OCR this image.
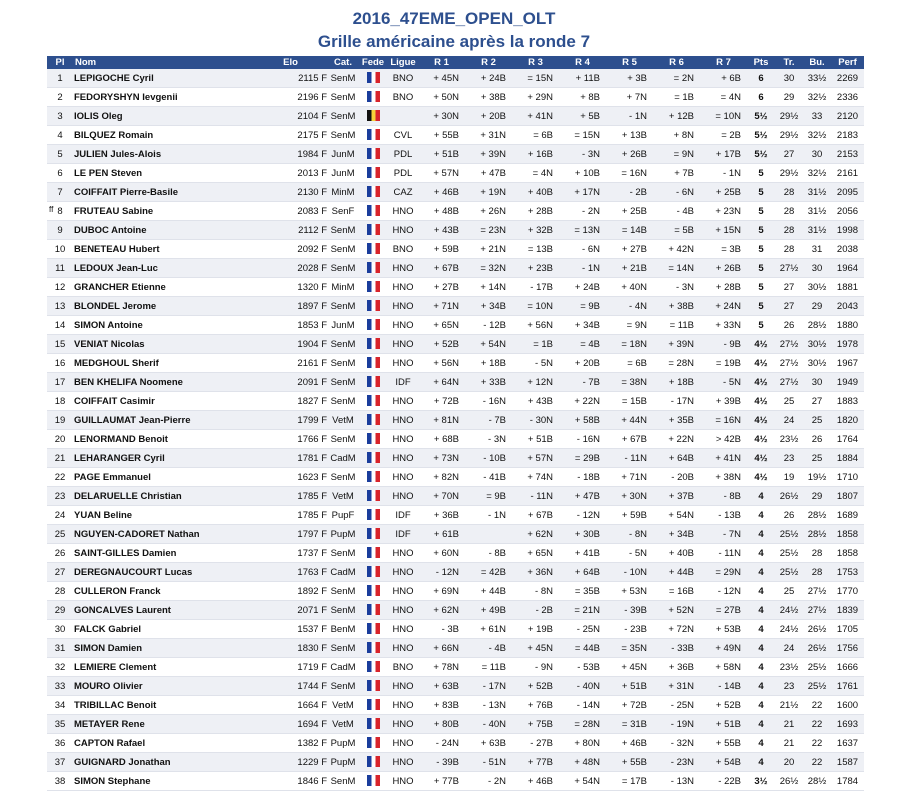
2016_47EME_OPEN_OLT
Grille américaine après la ronde 7
Pl	Nom	Elo	Cat.	Fede	Ligue	R 1	R 2	R 3	R 4	R 5	R 6	R 7	Pts	Tr.	Bu.	Perf

1	LEPIGOCHE Cyril	2115 F	SenM		BNO	+ 45N	+ 24B	= 15N	+ 11B	+ 3B	= 2N	+ 6B	6	30	33½	2269

2	FEDORYSHYN Ievgenii	2196 F	SenM		BNO	+ 50N	+ 38B	+ 29N	+ 8B	+ 7N	= 1B	= 4N	6	29	32½	2336

3	IOLIS Oleg	2104 F	SenM			+ 30N	+ 20B	+ 41N	+ 5B	- 1N	+ 12B	= 10N	5½	29½	33	2120

4	BILQUEZ Romain	2175 F	SenM		CVL	+ 55B	+ 31N	= 6B	= 15N	+ 13B	+ 8N	= 2B	5½	29½	32½	2183

5	JULIEN Jules-Alois	1984 F	JunM		PDL	+ 51B	+ 39N	+ 16B	- 3N	+ 26B	= 9N	+ 17B	5½	27	30	2153

6	LE PEN Steven	2013 F	JunM		PDL	+ 57N	+ 47B	= 4N	+ 10B	= 16N	+ 7B	- 1N	5	29½	32½	2161

7	COIFFAIT Pierre-Basile	2130 F	MinM		CAZ	+ 46B	+ 19N	+ 40B	+ 17N	- 2B	- 6N	+ 25B	5	28	31½	2095

ff 8	FRUTEAU Sabine	2083 F	SenF		HNO	+ 48B	+ 26N	+ 28B	- 2N	+ 25B	- 4B	+ 23N	5	28	31½	2056

9	DUBOC Antoine	2112 F	SenM		HNO	+ 43B	= 23N	+ 32B	= 13N	= 14B	= 5B	+ 15N	5	28	31½	1998

10	BENETEAU Hubert	2092 F	SenM		BNO	+ 59B	+ 21N	= 13B	- 6N	+ 27B	+ 42N	= 3B	5	28	31	2038

11	LEDOUX Jean-Luc	2028 F	SenM		HNO	+ 67B	= 32N	+ 23B	- 1N	+ 21B	= 14N	+ 26B	5	27½	30	1964

12	GRANCHER Etienne	1320 F	MinM		HNO	+ 27B	+ 14N	- 17B	+ 24B	+ 40N	- 3N	+ 28B	5	27	30½	1881

13	BLONDEL Jerome	1897 F	SenM		HNO	+ 71N	+ 34B	= 10N	= 9B	- 4N	+ 38B	+ 24N	5	27	29	2043

14	SIMON Antoine	1853 F	JunM		HNO	+ 65N	- 12B	+ 56N	+ 34B	= 9N	= 11B	+ 33N	5	26	28½	1880

15	VENIAT Nicolas	1904 F	SenM		HNO	+ 52B	+ 54N	= 1B	= 4B	= 18N	+ 39N	- 9B	4½	27½	30½	1978

16	MEDGHOUL Sherif	2161 F	SenM		HNO	+ 56N	+ 18B	- 5N	+ 20B	= 6B	= 28N	= 19B	4½	27½	30½	1967

17	BEN KHELIFA Noomene	2091 F	SenM		IDF	+ 64N	+ 33B	+ 12N	- 7B	= 38N	+ 18B	- 5N	4½	27½	30	1949

18	COIFFAIT Casimir	1827 F	SenM		HNO	+ 72B	- 16N	+ 43B	+ 22N	= 15B	- 17N	+ 39B	4½	25	27	1883

19	GUILLAUMAT Jean-Pierre	1799 F	VetM		HNO	+ 81N	- 7B	- 30N	+ 58B	+ 44N	+ 35B	= 16N	4½	24	25	1820

20	LENORMAND Benoit	1766 F	SenM		HNO	+ 68B	- 3N	+ 51B	- 16N	+ 67B	+ 22N	> 42B	4½	23½	26	1764

21	LEHARANGER Cyril	1781 F	CadM		HNO	+ 73N	- 10B	+ 57N	= 29B	- 11N	+ 64B	+ 41N	4½	23	25	1884

22	PAGE Emmanuel	1623 F	SenM		HNO	+ 82N	- 41B	+ 74N	- 18B	+ 71N	- 20B	+ 38N	4½	19	19½	1710

23	DELARUELLE Christian	1785 F	VetM		HNO	+ 70N	= 9B	- 11N	+ 47B	+ 30N	+ 37B	- 8B	4	26½	29	1807

24	YUAN Beline	1785 F	PupF		IDF	+ 36B	- 1N	+ 67B	- 12N	+ 59B	+ 54N	- 13B	4	26	28½	1689

25	NGUYEN-CADORET Nathan	1797 F	PupM		IDF	+ 61B		+ 62N	+ 30B	- 8N	+ 34B	- 7N	4	25½	28½	1858

26	SAINT-GILLES Damien	1737 F	SenM		HNO	+ 60N	- 8B	+ 65N	+ 41B	- 5N	+ 40B	- 11N	4	25½	28	1858

27	DEREGNAUCOURT Lucas	1763 F	CadM		HNO	- 12N	= 42B	+ 36N	+ 64B	- 10N	+ 44B	= 29N	4	25½	28	1753

28	CULLERON Franck	1892 F	SenM		HNO	+ 69N	+ 44B	- 8N	= 35B	+ 53N	= 16B	- 12N	4	25	27½	1770

29	GONCALVES Laurent	2071 F	SenM		HNO	+ 62N	+ 49B	- 2B	= 21N	- 39B	+ 52N	= 27B	4	24½	27½	1839

30	FALCK Gabriel	1537 F	BenM		HNO	- 3B	+ 61N	+ 19B	- 25N	- 23B	+ 72N	+ 53B	4	24½	26½	1705

31	SIMON Damien	1830 F	SenM		HNO	+ 66N	- 4B	+ 45N	= 44B	= 35N	- 33B	+ 49N	4	24	26½	1756

32	LEMIERE Clement	1719 F	CadM		BNO	+ 78N	= 11B	- 9N	- 53B	+ 45N	+ 36B	+ 58N	4	23½	25½	1666

33	MOURO Olivier	1744 F	SenM		HNO	+ 63B	- 17N	+ 52B	- 40N	+ 51B	+ 31N	- 14B	4	23	25½	1761

34	TRIBILLAC Benoit	1664 F	VetM		HNO	+ 83B	- 13N	+ 76B	- 14N	+ 72B	- 25N	+ 52B	4	21½	22	1600

35	METAYER Rene	1694 F	VetM		HNO	+ 80B	- 40N	+ 75B	= 28N	= 31B	- 19N	+ 51B	4	21	22	1693

36	CAPTON Rafael	1382 F	PupM		HNO	- 24N	+ 63B	- 27B	+ 80N	+ 46B	- 32N	+ 55B	4	21	22	1637

37	GUIGNARD Jonathan	1229 F	PupM		HNO	- 39B	- 51N	+ 77B	+ 48N	+ 55B	- 23N	+ 54B	4	20	22	1587

38	SIMON Stephane	1846 F	SenM		HNO	+ 77B	- 2N	+ 46B	+ 54N	= 17B	- 13N	- 22B	3½	26½	28½	1784
